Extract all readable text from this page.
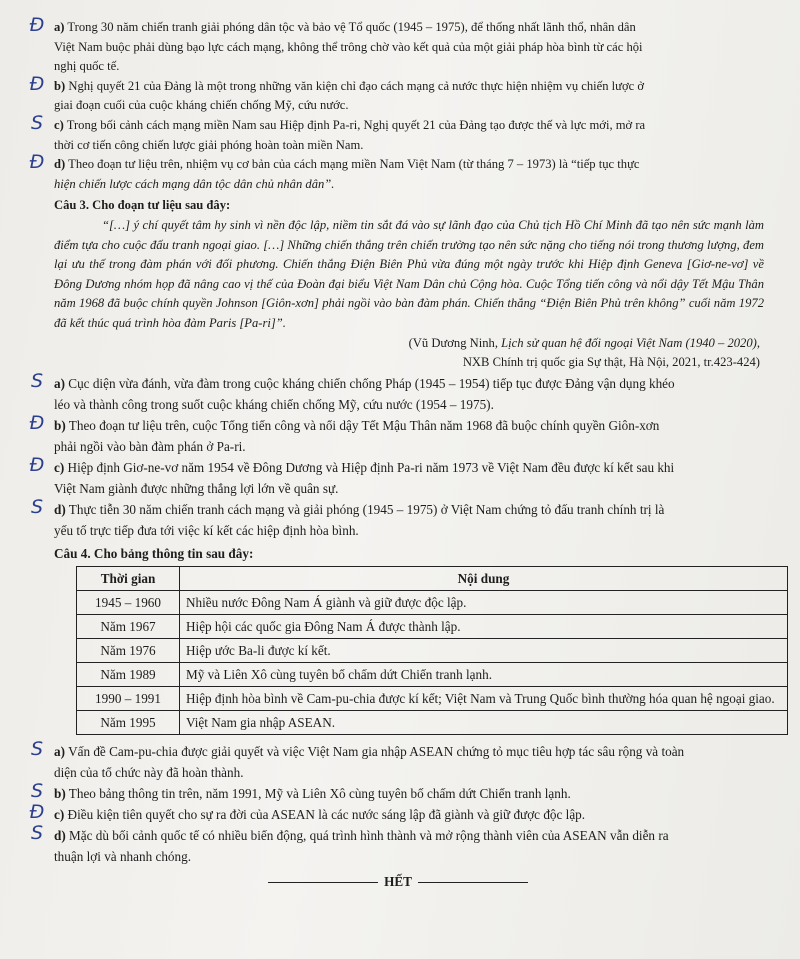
Đ a) Trong 30 năm chiến tranh giải phóng dân tộc và bảo vệ Tổ quốc (1945 – 1975), để thống nhất lãnh thổ, nhân dân

Việt Nam buộc phải dùng bạo lực cách mạng, không thể trông chờ vào kết quả của một giải pháp hòa bình từ các hội

nghị quốc tế.

Đ b) Nghị quyết 21 của Đảng là một trong những văn kiện chỉ đạo cách mạng cả nước thực hiện nhiệm vụ chiến lược ở

giai đoạn cuối của cuộc kháng chiến chống Mỹ, cứu nước.

S c) Trong bối cảnh cách mạng miền Nam sau Hiệp định Pa-ri, Nghị quyết 21 của Đảng tạo được thế và lực mới, mở ra

thời cơ tiến công chiến lược giải phóng hoàn toàn miền Nam.

Đ d) Theo đoạn tư liệu trên, nhiệm vụ cơ bản của cách mạng miền Nam Việt Nam (từ tháng 7 – 1973) là “tiếp tục thực

hiện chiến lược cách mạng dân tộc dân chủ nhân dân”.

Câu 3. Cho đoạn tư liệu sau đây:

“[…] ý chí quyết tâm hy sinh vì nền độc lập, niềm tin sắt đá vào sự lãnh đạo của Chủ tịch Hồ Chí Minh đã tạo nên sức mạnh làm điểm tựa cho cuộc đấu tranh ngoại giao. […] Những chiến thắng trên chiến trường tạo nên sức nặng cho tiếng nói trong thương lượng, đem lại ưu thế trong đàm phán với đối phương. Chiến thắng Điện Biên Phủ vừa đúng một ngày trước khi Hiệp định Geneva [Giơ-ne-vơ] về Đông Dương nhóm họp đã nâng cao vị thế của Đoàn đại biểu Việt Nam Dân chủ Cộng hòa. Cuộc Tổng tiến công và nổi dậy Tết Mậu Thân năm 1968 đã buộc chính quyền Johnson [Giôn-xơn] phải ngồi vào bàn đàm phán. Chiến thắng “Điện Biên Phủ trên không” cuối năm 1972 đã kết thúc quá trình hòa đàm Paris [Pa-ri]”.

(Vũ Dương Ninh, Lịch sử quan hệ đối ngoại Việt Nam (1940 – 2020),

NXB Chính trị quốc gia Sự thật, Hà Nội, 2021, tr.423-424)

S a) Cục diện vừa đánh, vừa đàm trong cuộc kháng chiến chống Pháp (1945 – 1954) tiếp tục được Đảng vận dụng khéo

léo và thành công trong suốt cuộc kháng chiến chống Mỹ, cứu nước (1954 – 1975).

Đ b) Theo đoạn tư liệu trên, cuộc Tổng tiến công và nổi dậy Tết Mậu Thân năm 1968 đã buộc chính quyền Giôn-xơn

phải ngồi vào bàn đàm phán ở Pa-ri.

Đ c) Hiệp định Giơ-ne-vơ năm 1954 về Đông Dương và Hiệp định Pa-ri năm 1973 về Việt Nam đều được kí kết sau khi

Việt Nam giành được những thắng lợi lớn về quân sự.

S d) Thực tiễn 30 năm chiến tranh cách mạng và giải phóng (1945 – 1975) ở Việt Nam chứng tỏ đấu tranh chính trị là

yếu tố trực tiếp đưa tới việc kí kết các hiệp định hòa bình.

Câu 4. Cho bảng thông tin sau đây:

Thời gian	Nội dung
1945 – 1960	Nhiều nước Đông Nam Á giành và giữ được độc lập.
Năm 1967	Hiệp hội các quốc gia Đông Nam Á được thành lập.
Năm 1976	Hiệp ước Ba-li được kí kết.
Năm 1989	Mỹ và Liên Xô cùng tuyên bố chấm dứt Chiến tranh lạnh.
1990 – 1991	Hiệp định hòa bình về Cam-pu-chia được kí kết; Việt Nam và Trung Quốc bình thường hóa quan hệ ngoại giao.
Năm 1995	Việt Nam gia nhập ASEAN.
S a) Vấn đề Cam-pu-chia được giải quyết và việc Việt Nam gia nhập ASEAN chứng tỏ mục tiêu hợp tác sâu rộng và toàn

diện của tổ chức này đã hoàn thành.

S b) Theo bảng thông tin trên, năm 1991, Mỹ và Liên Xô cùng tuyên bố chấm dứt Chiến tranh lạnh.

Đ c) Điều kiện tiên quyết cho sự ra đời của ASEAN là các nước sáng lập đã giành và giữ được độc lập.

S d) Mặc dù bối cảnh quốc tế có nhiều biến động, quá trình hình thành và mở rộng thành viên của ASEAN vẫn diễn ra

thuận lợi và nhanh chóng.

HẾT
